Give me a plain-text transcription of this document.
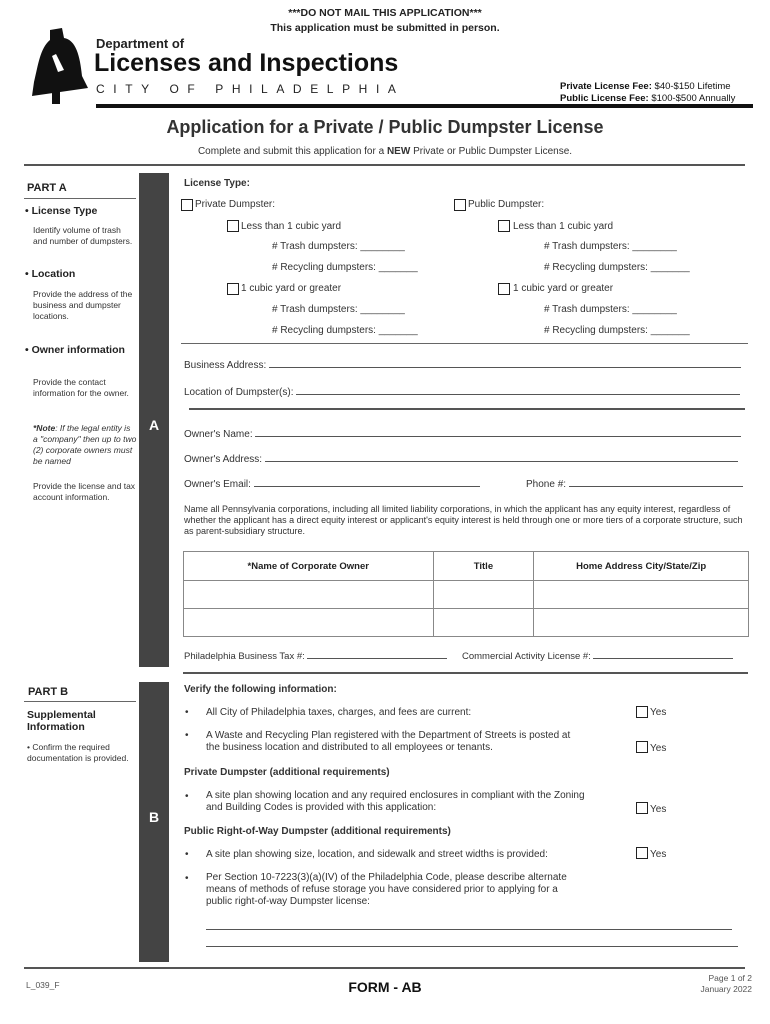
***DO NOT MAIL THIS APPLICATION***
This application must be submitted in person.
Department of
Licenses and Inspections
CITY OF PHILADELPHIA	Private License Fee: $40-$150 Lifetime
Public License Fee: $100-$500 Annually
Application for a Private / Public Dumpster License
Complete and submit this application for a NEW Private or Public Dumpster License.
PART A
• License Type
Identify volume of trash and number of dumpsters.
• Location
Provide the address of the business and dumpster locations.
• Owner information
Provide the contact information for the owner.
*Note: If the legal entity is a "company" then up to two (2) corporate owners must be named
Provide the license and tax account information.
A
License Type:
Private Dumpster:	Public Dumpster:
Less than 1 cubic yard
# Trash dumpsters: ________
# Recycling dumpsters: _______
1 cubic yard or greater
# Trash dumpsters: ________
# Recycling dumpsters: _______
Less than 1 cubic yard
# Trash dumpsters: ________
# Recycling dumpsters: _______
1 cubic yard or greater
# Trash dumpsters: ________
# Recycling dumpsters: _______
Business Address:
Location of Dumpster(s):
Owner's Name:
Owner's Address:
Owner's Email:	Phone #:
Name all Pennsylvania corporations, including all limited liability corporations, in which the applicant has any equity interest, regardless of whether the applicant has a direct equity interest or applicant's equity interest is held through one or more tiers of a corporate structure, such as parent-subsidiary structure.
*Name of Corporate Owner	Title	Home Address City/State/Zip

Philadelphia Business Tax #:	Commercial Activity License #:
PART B
Supplemental Information
• Confirm the required documentation is provided.
B
Verify the following information:
• All City of Philadelphia taxes, charges, and fees are current:	Yes
• A Waste and Recycling Plan registered with the Department of Streets is posted at the business location and distributed to all employees or tenants.	Yes
Private Dumpster (additional requirements)
• A site plan showing location and any required enclosures in compliant with the Zoning and Building Codes is provided with this application:	Yes
Public Right-of-Way Dumpster (additional requirements)
• A site plan showing size, location, and sidewalk and street widths is provided:	Yes
• Per Section 10-7223(3)(a)(IV) of the Philadelphia Code, please describe alternate means of methods of refuse storage you have considered prior to applying for a public right-of-way Dumpster license:
L_039_F	FORM - AB
Page 1 of 2
January 2022
